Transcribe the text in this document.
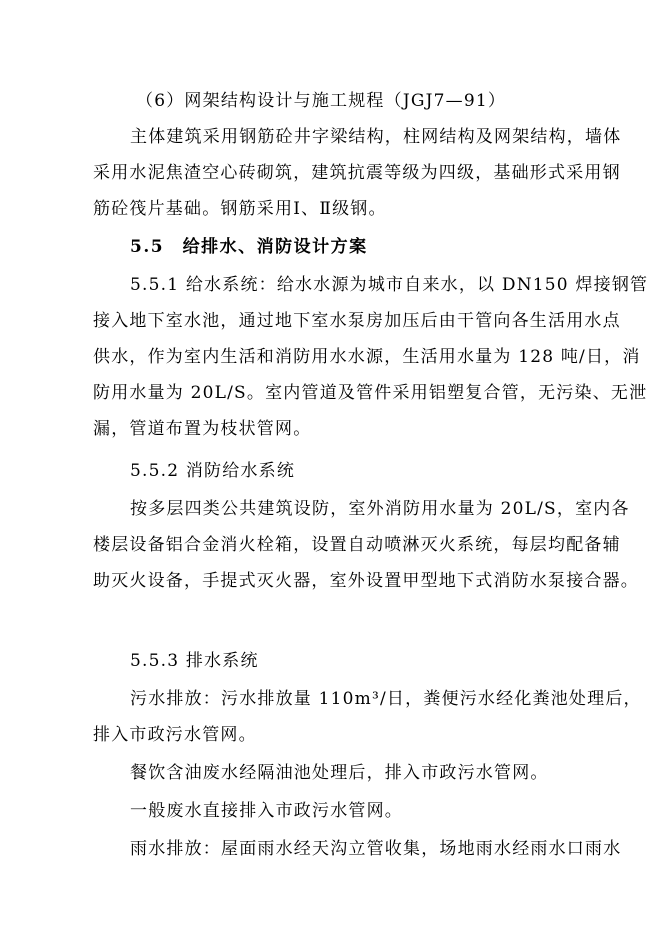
（6）网架结构设计与施工规程（JGJ7—91）
主体建筑采用钢筋砼井字梁结构，柱网结构及网架结构，墙体
采用水泥焦渣空心砖砌筑，建筑抗震等级为四级，基础形式采用钢
筋砼筏片基础。钢筋采用Ⅰ、Ⅱ级钢。
5.5　给排水、消防设计方案
5.5.1 给水系统：给水水源为城市自来水，以 DN150 焊接钢管
接入地下室水池，通过地下室水泵房加压后由干管向各生活用水点
供水，作为室内生活和消防用水水源，生活用水量为 128 吨/日，消
防用水量为 20L/S。室内管道及管件采用铝塑复合管，无污染、无泄
漏，管道布置为枝状管网。
5.5.2 消防给水系统
按多层四类公共建筑设防，室外消防用水量为 20L/S，室内各
楼层设备铝合金消火栓箱，设置自动喷淋灭火系统，每层均配备辅
助灭火设备，手提式灭火器，室外设置甲型地下式消防水泵接合器。
5.5.3 排水系统
污水排放：污水排放量 110m³/日，粪便污水经化粪池处理后，
排入市政污水管网。
餐饮含油废水经隔油池处理后，排入市政污水管网。
一般废水直接排入市政污水管网。
雨水排放：屋面雨水经天沟立管收集，场地雨水经雨水口雨水
